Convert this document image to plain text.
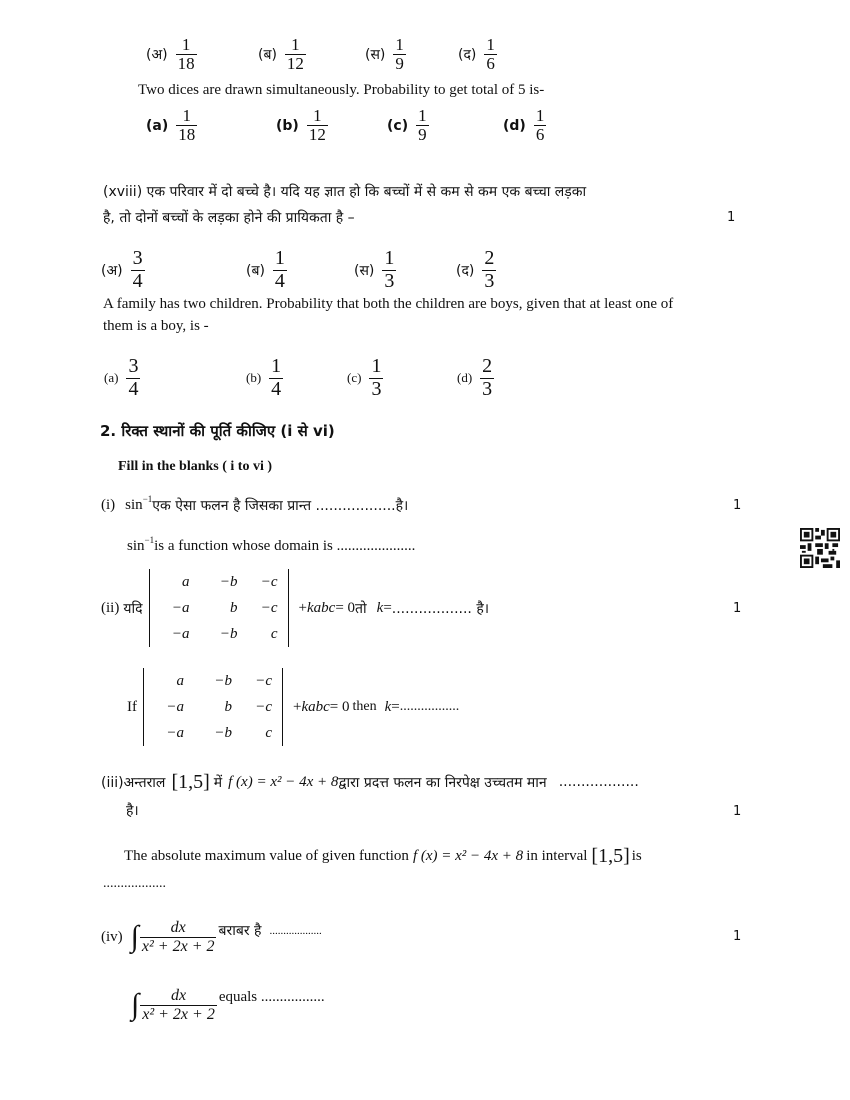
(अ) $\frac{1}{18}$	(ब) $\frac{1}{12}$	(स) $\frac{1}{9}$	(द) $\frac{1}{6}$
Two dices are drawn simultaneously. Probability to get total of 5 is-
$(a) \frac{1}{18}$	$(b) \frac{1}{12}$	$(c) \frac{1}{9}$	$(d) \frac{1}{6}$
(xviii) एक परिवार में दो बच्चे है। यदि यह ज्ञात हो कि बच्चों में से कम से कम एक बच्चा लड़का
है, तो दोनों बच्चों के लड़का होने की प्रायिकता है –	1
(अ) $\frac{3}{4}$	(ब) $\frac{1}{4}$	(स) $\frac{1}{3}$	(द) $\frac{2}{3}$
A family has two children. Probability that both the children are boys, given that at least one of
them is a boy, is -
$(a) \frac{3}{4}$	$(b) \frac{1}{4}$	$(c) \frac{1}{3}$	$(d) \frac{2}{3}$
2. रिक्त स्थानों की पूर्ति कीजिए (i से vi)
Fill in the blanks ( i to vi )
(i) $\sin^{-1}$ एक ऐसा फलन है जिसका प्रान्त ..................है।	1
$\sin^{-1}$ is a function whose domain is .....................
(ii) यदि
a	−b	−c
−a	b	−c
−a	−b	c
+ kabc = 0 तो k = .................. है।	1
If
a	−b	−c
−a	b	−c
−a	−b	c
+ kabc = 0 then k = .................
(iii)अन्तराल [1,5] में f (x) = x² − 4x + 8 द्वारा प्रदत्त फलन का निरपेक्ष उच्चतम मान ..................
है।	1
The absolute maximum value of given function f (x) = x² − 4x + 8 in interval [1,5] is
..................
(iv) ∫ $\frac{dx}{\text{x² + 2x + 2}}$ बराबर है ...................	1
∫ $\frac{dx}{\text{x² + 2x + 2}}$ equals .................
